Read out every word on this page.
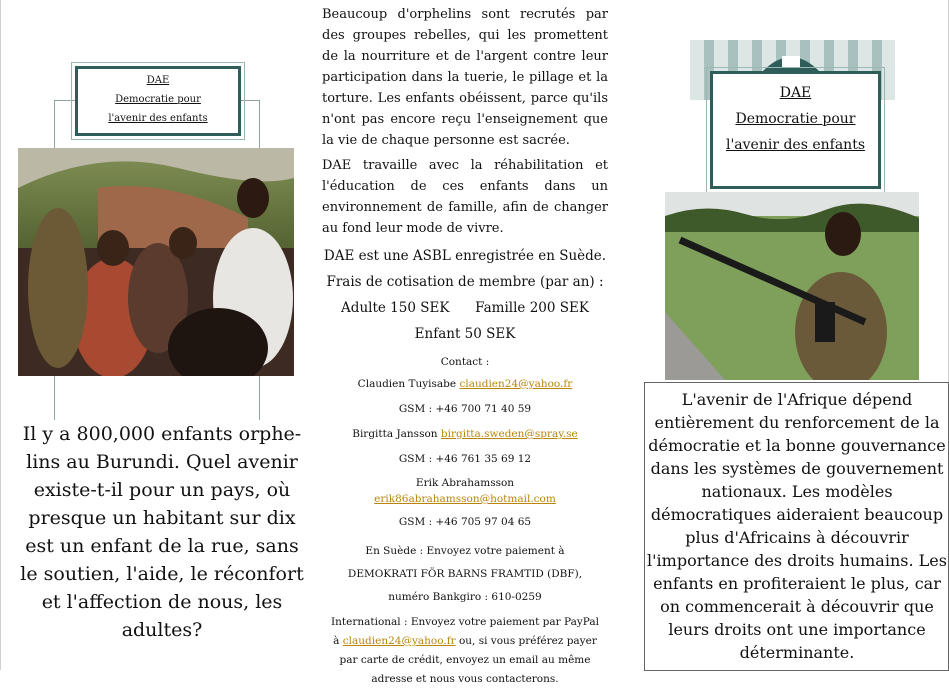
DAE
Democratie pour
l'avenir des enfants
Il y a 800,000 enfants orphe-lins au Burundi. Quel avenir existe-t-il pour un pays, où presque un habitant sur dix est un enfant de la rue, sans le soutien, l'aide, le réconfort et l'affection de nous, les adultes?

Beaucoup d'orphelins sont recrutés par des groupes rebelles, qui les promettent de la nourriture et de l'argent contre leur participation dans la tuerie, le pillage et la torture. Les enfants obéissent, parce qu'ils n'ont pas encore reçu l'enseignement que la vie de chaque personne est sacrée.

DAE travaille avec la réhabilitation et l'éducation de ces enfants dans un environnement de famille, afin de changer au fond leur mode de vivre.

DAE est une ASBL enregistrée en Suède.
Frais de cotisation de membre (par an) :
Adulte 150 SEK Famille 200 SEK
Enfant 50 SEK
Contact :
Claudien Tuyisabe claudien24@yahoo.fr
GSM : +46 700 71 40 59
Birgitta Jansson birgitta.sweden@spray.se
GSM : +46 761 35 69 12
Erik Abrahamsson
erik86abrahamsson@hotmail.com
GSM : +46 705 97 04 65
En Suède : Envoyez votre paiement à
DEMOKRATI FÖR BARNS FRAMTID (DBF),
numéro Bankgiro : 610-0259
International : Envoyez votre paiement par PayPal
à claudien24@yahoo.fr ou, si vous préférez payer
par carte de crédit, envoyez un email au même
adresse et nous vous contacterons.
DAE
Democratie pour
l'avenir des enfants
L'avenir de l'Afrique dépend entièrement du renforcement de la démocratie et la bonne gouvernance dans les systèmes de gouvernement nationaux. Les modèles démocratiques aideraient beaucoup plus d'Africains à découvrir l'importance des droits humains. Les enfants en profiteraient le plus, car on commencerait à découvrir que leurs droits ont une importance déterminante.
